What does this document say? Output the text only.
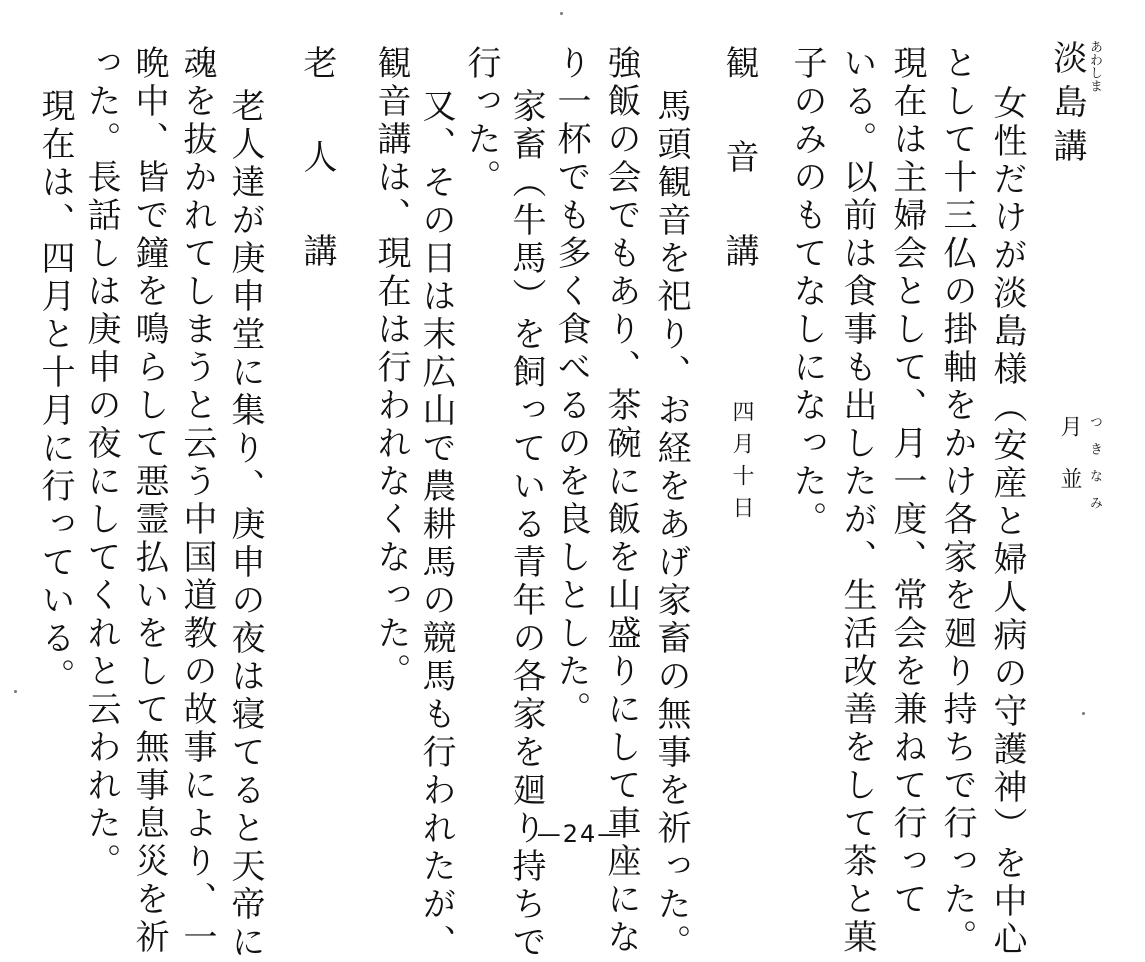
淡島講 あわしま
月並 つきなみ
女性だけが淡島様（安産と婦人病の守護神）を中心
として十三仏の掛軸をかけ各家を廻り持ちで行った。
現在は主婦会として、月一度、常会を兼ねて行って
いる。以前は食事も出したが、生活改善をして茶と菓
子のみのもてなしになった。
観音講
四月十日
馬頭観音を祀り、お経をあげ家畜の無事を祈った。
強飯の会でもあり、茶碗に飯を山盛りにして車座にな
り一杯でも多く食べるのを良しとした。
家畜（牛馬）を飼っている青年の各家を廻り持ちで
行った。
又、その日は末広山で農耕馬の競馬も行われたが、
観音講は、現在は行われなくなった。
老人講
老人達が庚申堂に集り、庚申の夜は寝てると天帝に
魂を抜かれてしまうと云う中国道教の故事により、一
晩中、皆で鐘を鳴らして悪霊払いをして無事息災を祈
った。長話しは庚申の夜にしてくれと云われた。
現在は、四月と十月に行っている。
—24—
